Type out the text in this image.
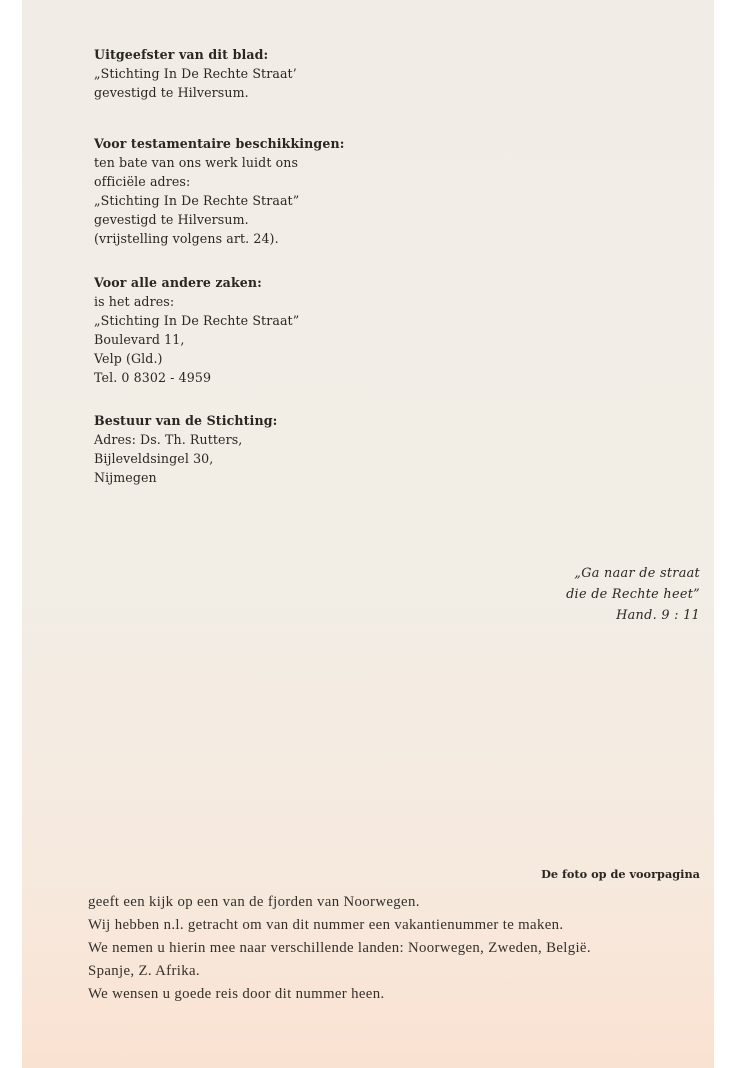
Uitgeefster van dit blad:
„Stichting In De Rechte Straat’
gevestigd te Hilversum.
Voor testamentaire beschikkingen:
ten bate van ons werk luidt ons
officiële adres:
„Stichting In De Rechte Straat”
gevestigd te Hilversum.
(vrijstelling volgens art. 24).
Voor alle andere zaken:
is het adres:
„Stichting In De Rechte Straat”
Boulevard 11,
Velp (Gld.)
Tel. 0 8302 - 4959
Bestuur van de Stichting:
Adres: Ds. Th. Rutters,
Bijleveldsingel 30,
Nijmegen
„Ga naar de straat
die de Rechte heet”
Hand. 9 : 11
De foto op de voorpagina
geeft een kijk op een van de fjorden van Noorwegen.
Wij hebben n.l. getracht om van dit nummer een vakantienummer te maken.
We nemen u hierin mee naar verschillende landen: Noorwegen, Zweden, België.
Spanje, Z. Afrika.
We wensen u goede reis door dit nummer heen.
